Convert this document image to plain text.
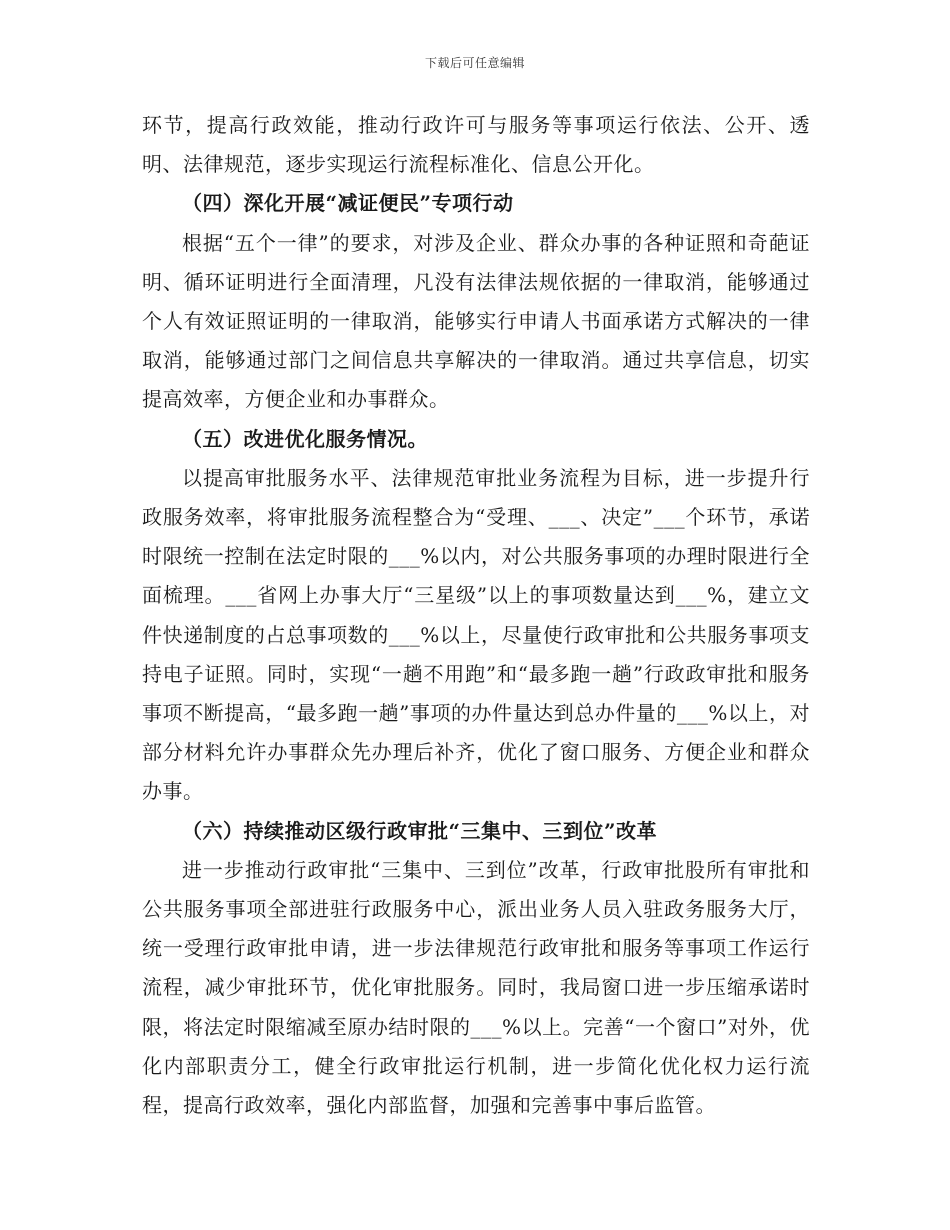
下载后可任意编辑

环节，提高行政效能，推动行政许可与服务等事项运行依法、公开、透明、法律规范，逐步实现运行流程标准化、信息公开化。

（四）深化开展“减证便民”专项行动

根据“五个一律”的要求，对涉及企业、群众办事的各种证照和奇葩证明、循环证明进行全面清理，凡没有法律法规依据的一律取消，能够通过个人有效证照证明的一律取消，能够实行申请人书面承诺方式解决的一律取消，能够通过部门之间信息共享解决的一律取消。通过共享信息，切实提高效率，方便企业和办事群众。

（五）改进优化服务情况。

以提高审批服务水平、法律规范审批业务流程为目标，进一步提升行政服务效率，将审批服务流程整合为“受理、___、决定”___个环节，承诺时限统一控制在法定时限的___%以内，对公共服务事项的办理时限进行全面梳理。___省网上办事大厅“三星级”以上的事项数量达到___%，建立文件快递制度的占总事项数的___%以上，尽量使行政审批和公共服务事项支持电子证照。同时，实现“一趟不用跑”和“最多跑一趟”行政政审批和服务事项不断提高，“最多跑一趟”事项的办件量达到总办件量的___%以上，对部分材料允许办事群众先办理后补齐，优化了窗口服务、方便企业和群众办事。

（六）持续推动区级行政审批“三集中、三到位”改革

进一步推动行政审批“三集中、三到位”改革，行政审批股所有审批和公共服务事项全部进驻行政服务中心，派出业务人员入驻政务服务大厅，统一受理行政审批申请，进一步法律规范行政审批和服务等事项工作运行流程，减少审批环节，优化审批服务。同时，我局窗口进一步压缩承诺时限，将法定时限缩减至原办结时限的___%以上。完善“一个窗口”对外，优化内部职责分工，健全行政审批运行机制，进一步简化优化权力运行流程，提高行政效率，强化内部监督，加强和完善事中事后监管。
